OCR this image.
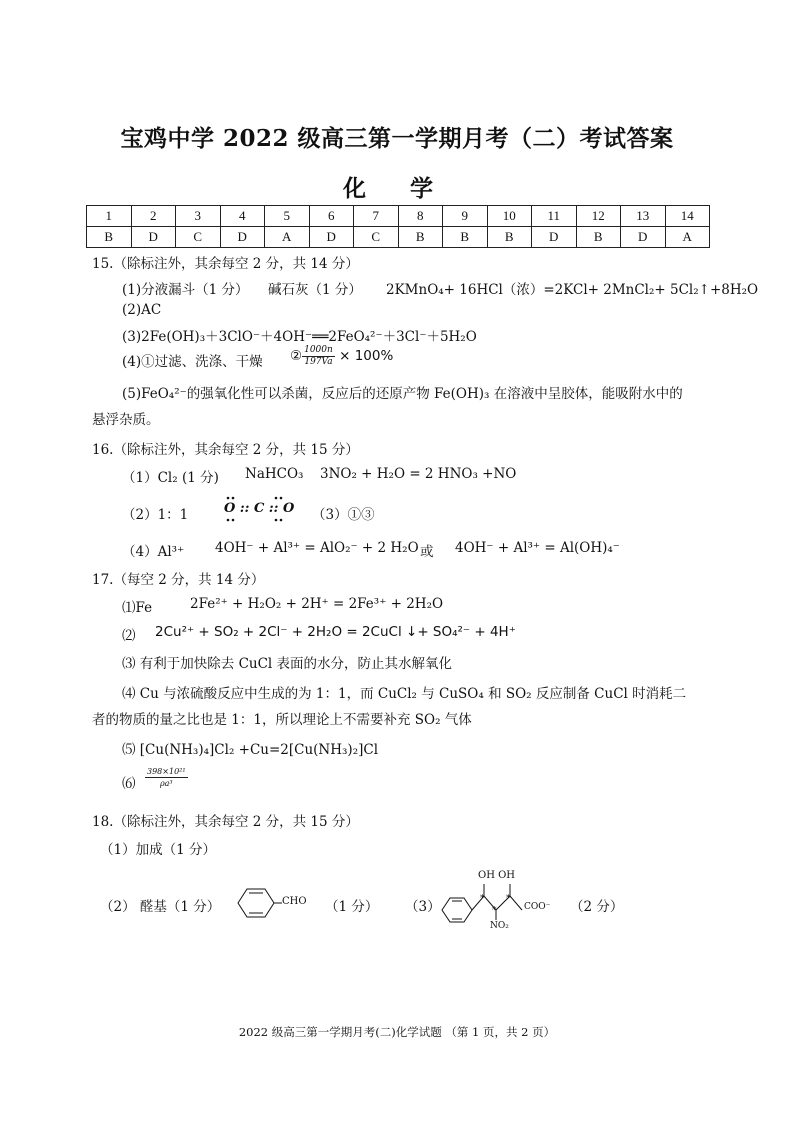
宝鸡中学 2022 级高三第一学期月考（二）考试答案
化 学
1	2	3	4	5	6	7	8	9	10	11	12	13	14
B	D	C	D	A	D	C	B	B	B	D	B	D	A
15.（除标注外，其余每空 2 分，共 14 分）
(1)分液漏斗（1 分） 碱石灰（1 分） 2KMnO₄+ 16HCl（浓）=2KCl+ 2MnCl₂+ 5Cl₂↑+8H₂O
(2)AC
(3)2Fe(OH)₃＋3ClO⁻＋4OH⁻══2FeO₄²⁻＋3Cl⁻＋5H₂O
(4)①过滤、洗涤、干燥 ② $\frac{1000n}{197Va} \times 100\%$
(5)FeO₄²⁻的强氧化性可以杀菌，反应后的还原产物 Fe(OH)₃ 在溶液中呈胶体，能吸附水中的
悬浮杂质。
16.（除标注外，其余每空 2 分，共 15 分）
（1）Cl₂ (1 分) NaHCO₃ 3NO₂ + H₂O = 2 HNO₃ +NO
（2）1：1	O :: C :: O （3）①③
（4）Al³⁺ 4OH⁻ + Al³⁺ = AlO₂⁻ + 2 H₂O 或 4OH⁻ + Al³⁺ = Al(OH)₄⁻
17.（每空 2 分，共 14 分）
⑴Fe	2Fe²⁺ + H₂O₂ + 2H⁺ = 2Fe³⁺ + 2H₂O
⑵ 2Cu²⁺ + SO₂ + 2Cl⁻ + 2H₂O = 2CuCl ↓+ SO₄²⁻ + 4H⁺
⑶ 有利于加快除去 CuCl 表面的水分，防止其水解氧化
⑷ Cu 与浓硫酸反应中生成的为 1：1，而 CuCl₂ 与 CuSO₄ 和 SO₂ 反应制备 CuCl 时消耗二
者的物质的量之比也是 1：1，所以理论上不需要补充 SO₂ 气体
⑸ [Cu(NH₃)₄]Cl₂ +Cu=2[Cu(NH₃)₂]Cl
⑹ $\frac{\text{398×10²¹}}{\text{ρa³}}$
18.（除标注外，其余每空 2 分，共 15 分）
（1）加成（1 分）
（2） 醛基（1 分）	CHO （1 分） （3）
OH OH
COO⁻
NO₂
* *
*	（2 分）
2022 级高三第一学期月考(二)化学试题 （第 1 页，共 2 页）
